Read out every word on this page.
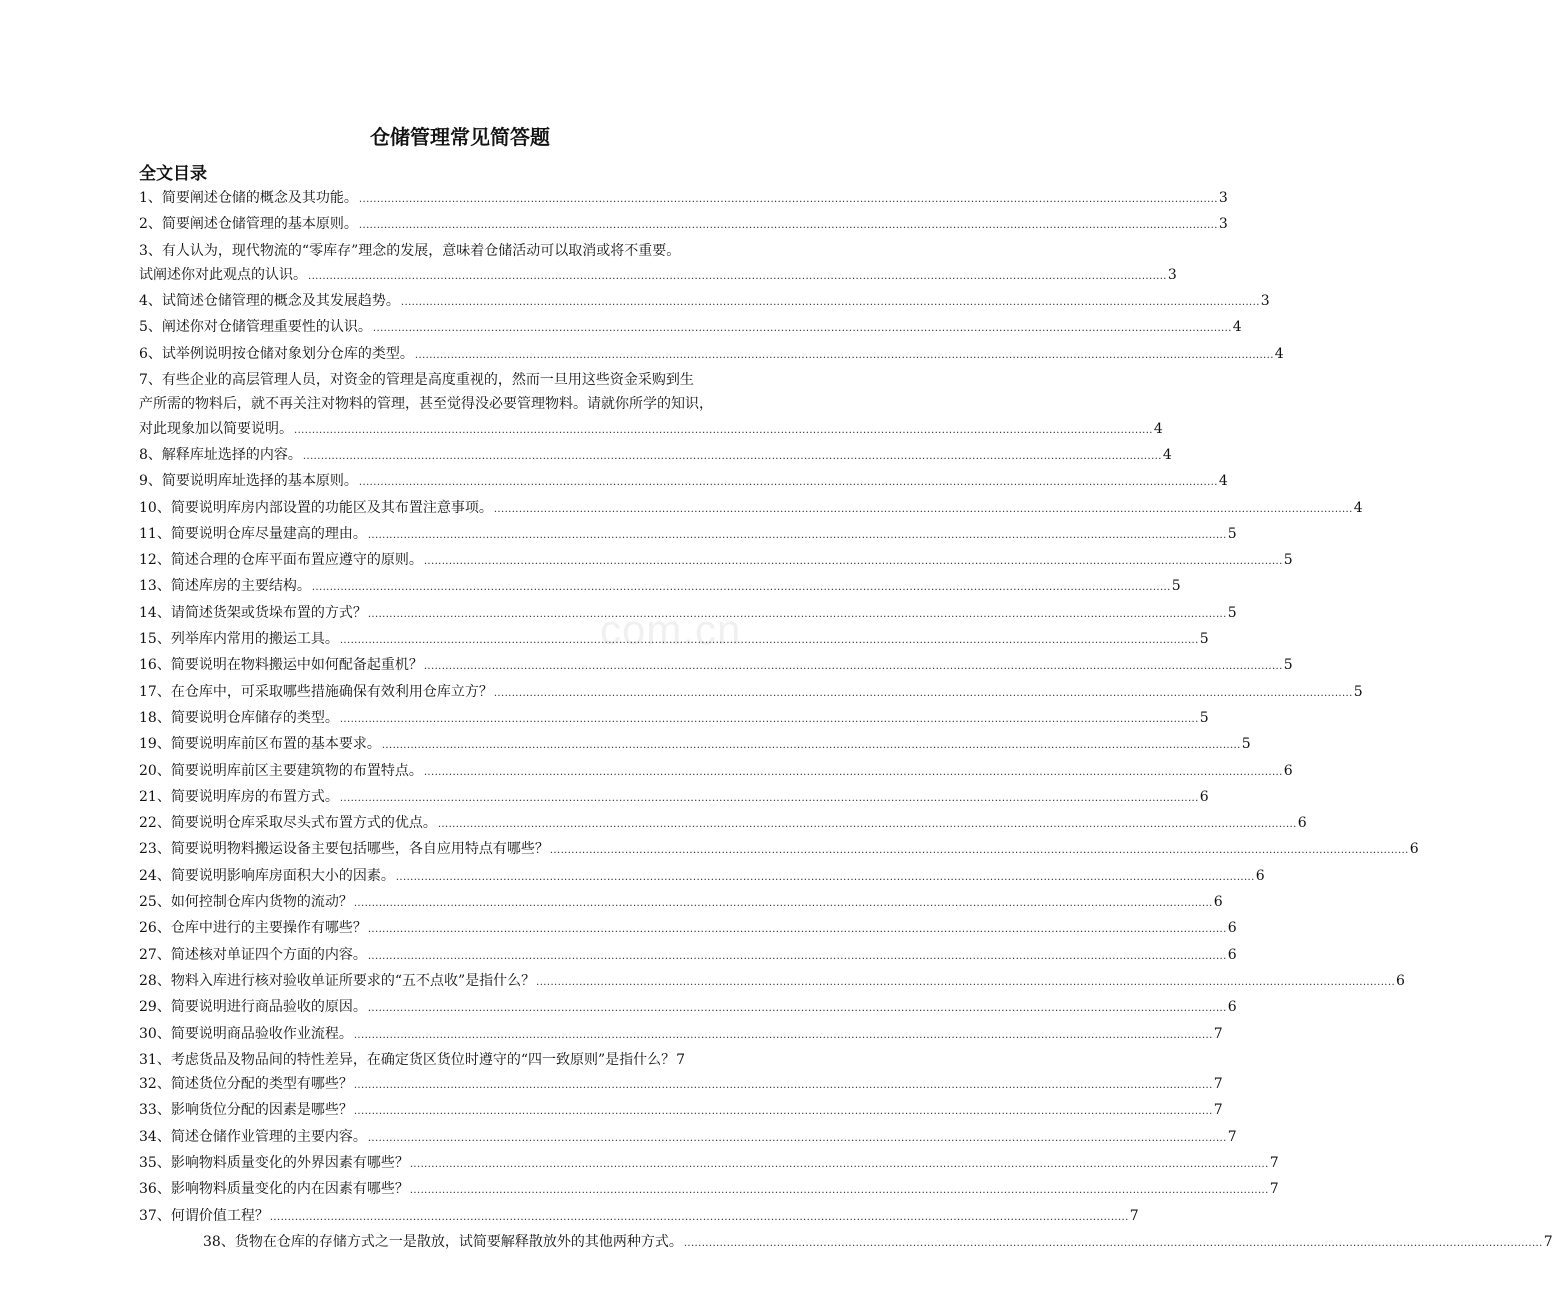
仓储管理常见简答题
全文目录
com.cn
1、简要阐述仓储的概念及其功能。 ................................................................................................................................................................................................................................................ 3
2、简要阐述仓储管理的基本原则。 ................................................................................................................................................................................................................................................ 3
3、有人认为，现代物流的“零库存”理念的发展，意味着仓储活动可以取消或将不重要。
试阐述你对此观点的认识。 ................................................................................................................................................................................................................................................ 3
4、试简述仓储管理的概念及其发展趋势。 ................................................................................................................................................................................................................................................ 3
5、阐述你对仓储管理重要性的认识。 ................................................................................................................................................................................................................................................ 4
6、试举例说明按仓储对象划分仓库的类型。 ................................................................................................................................................................................................................................................ 4
7、有些企业的高层管理人员，对资金的管理是高度重视的，然而一旦用这些资金采购到生
产所需的物料后，就不再关注对物料的管理，甚至觉得没必要管理物料。请就你所学的知识，
对此现象加以简要说明。 ................................................................................................................................................................................................................................................ 4
8、解释库址选择的内容。 ................................................................................................................................................................................................................................................ 4
9、简要说明库址选择的基本原则。 ................................................................................................................................................................................................................................................ 4
10、简要说明库房内部设置的功能区及其布置注意事项。 ................................................................................................................................................................................................................................................ 4
11、简要说明仓库尽量建高的理由。 ................................................................................................................................................................................................................................................ 5
12、简述合理的仓库平面布置应遵守的原则。 ................................................................................................................................................................................................................................................ 5
13、简述库房的主要结构。 ................................................................................................................................................................................................................................................ 5
14、请简述货架或货垛布置的方式？ ................................................................................................................................................................................................................................................ 5
15、列举库内常用的搬运工具。 ................................................................................................................................................................................................................................................ 5
16、简要说明在物料搬运中如何配备起重机？ ................................................................................................................................................................................................................................................ 5
17、在仓库中，可采取哪些措施确保有效利用仓库立方？ ................................................................................................................................................................................................................................................ 5
18、简要说明仓库储存的类型。 ................................................................................................................................................................................................................................................ 5
19、简要说明库前区布置的基本要求。 ................................................................................................................................................................................................................................................ 5
20、简要说明库前区主要建筑物的布置特点。 ................................................................................................................................................................................................................................................ 6
21、简要说明库房的布置方式。 ................................................................................................................................................................................................................................................ 6
22、简要说明仓库采取尽头式布置方式的优点。 ................................................................................................................................................................................................................................................ 6
23、简要说明物料搬运设备主要包括哪些，各自应用特点有哪些？ ................................................................................................................................................................................................................................................ 6
24、简要说明影响库房面积大小的因素。 ................................................................................................................................................................................................................................................ 6
25、如何控制仓库内货物的流动？ ................................................................................................................................................................................................................................................ 6
26、仓库中进行的主要操作有哪些？ ................................................................................................................................................................................................................................................ 6
27、简述核对单证四个方面的内容。 ................................................................................................................................................................................................................................................ 6
28、物料入库进行核对验收单证所要求的“五不点收”是指什么？ ................................................................................................................................................................................................................................................ 6
29、简要说明进行商品验收的原因。 ................................................................................................................................................................................................................................................ 6
30、简要说明商品验收作业流程。 ................................................................................................................................................................................................................................................ 7
31、考虑货品及物品间的特性差异，在确定货区货位时遵守的“四一致原则”是指什么？ 7
32、简述货位分配的类型有哪些？ ................................................................................................................................................................................................................................................ 7
33、影响货位分配的因素是哪些？ ................................................................................................................................................................................................................................................ 7
34、简述仓储作业管理的主要内容。 ................................................................................................................................................................................................................................................ 7
35、影响物料质量变化的外界因素有哪些？ ................................................................................................................................................................................................................................................ 7
36、影响物料质量变化的内在因素有哪些？ ................................................................................................................................................................................................................................................ 7
37、何谓价值工程？ ................................................................................................................................................................................................................................................ 7
38、货物在仓库的存储方式之一是散放，试简要解释散放外的其他两种方式。 ................................................................................................................................................................................................................................................ 7
